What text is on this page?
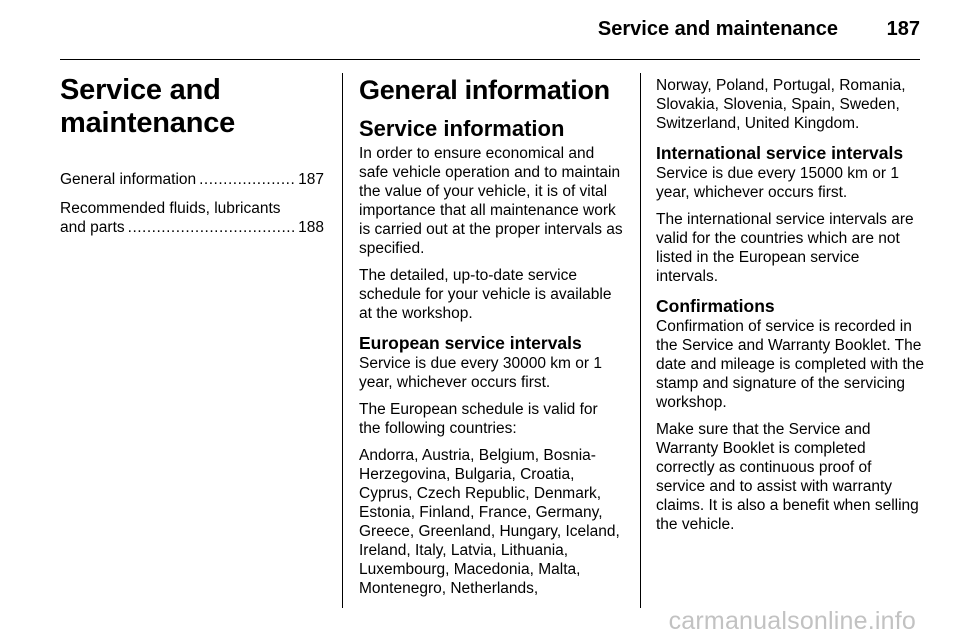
Service and maintenance 187
Service and
maintenance
General information .....	187
Recommended fluids, lubricants
and parts .....	188
General information
Service information

In order to ensure economical and safe vehicle operation and to maintain the value of your vehicle, it is of vital importance that all maintenance work is carried out at the proper intervals as specified.

The detailed, up-to-date service schedule for your vehicle is available at the workshop.

European service intervals

Service is due every 30000 km or 1 year, whichever occurs first.

The European schedule is valid for the following countries:

Andorra, Austria, Belgium, Bosnia-Herzegovina, Bulgaria, Croatia, Cyprus, Czech Republic, Denmark, Estonia, Finland, France, Germany, Greece, Greenland, Hungary, Iceland, Ireland, Italy, Latvia, Lithuania, Luxembourg, Macedonia, Malta, Montenegro, Netherlands,

Norway, Poland, Portugal, Romania, Slovakia, Slovenia, Spain, Sweden, Switzerland, United Kingdom.

International service intervals

Service is due every 15000 km or 1 year, whichever occurs first.

The international service intervals are valid for the countries which are not listed in the European service intervals.

Confirmations

Confirmation of service is recorded in the Service and Warranty Booklet. The date and mileage is completed with the stamp and signature of the servicing workshop.

Make sure that the Service and Warranty Booklet is completed correctly as continuous proof of service and to assist with warranty claims. It is also a benefit when selling the vehicle.

carmanualsonline.info
